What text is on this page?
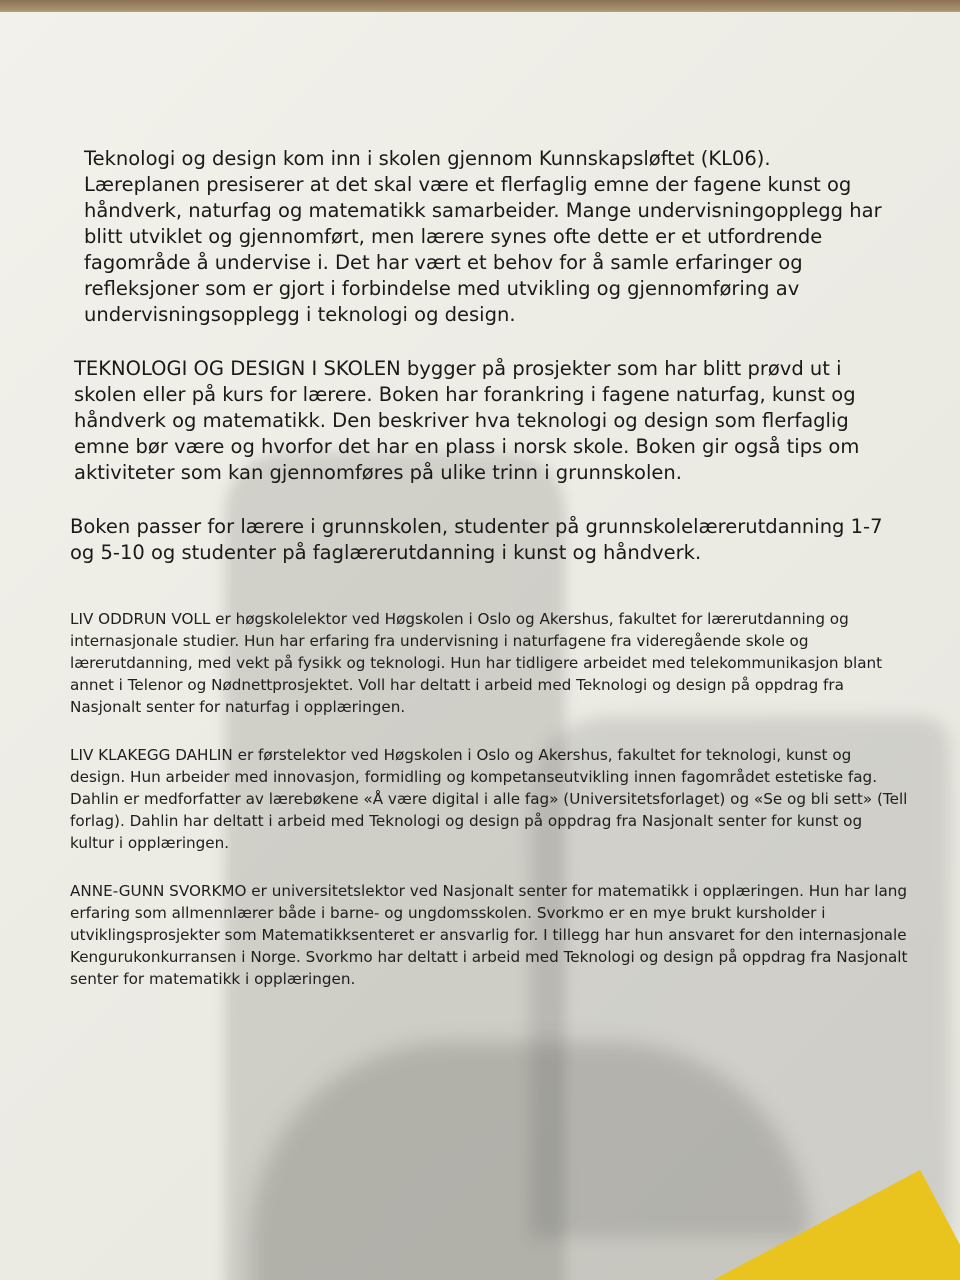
Teknologi og design kom inn i skolen gjennom Kunnskapsløftet (KL06). Læreplanen presiserer at det skal være et flerfaglig emne der fagene kunst og håndverk, naturfag og matematikk samarbeider. Mange undervisningopplegg har blitt utviklet og gjennomført, men lærere synes ofte dette er et utfordrende fagområde å undervise i. Det har vært et behov for å samle erfaringer og refleksjoner som er gjort i forbindelse med utvikling og gjennomføring av undervisningsopplegg i teknologi og design.

TEKNOLOGI OG DESIGN I SKOLEN bygger på prosjekter som har blitt prøvd ut i skolen eller på kurs for lærere. Boken har forankring i fagene naturfag, kunst og håndverk og matematikk. Den beskriver hva teknologi og design som flerfaglig emne bør være og hvorfor det har en plass i norsk skole. Boken gir også tips om aktiviteter som kan gjennomføres på ulike trinn i grunnskolen.

Boken passer for lærere i grunnskolen, studenter på grunnskolelærerutdanning 1-7 og 5-10 og studenter på faglærerutdanning i kunst og håndverk.

LIV ODDRUN VOLL er høgskolelektor ved Høgskolen i Oslo og Akershus, fakultet for lærerutdanning og internasjonale studier. Hun har erfaring fra undervisning i naturfagene fra videregående skole og lærerutdanning, med vekt på fysikk og teknologi. Hun har tidligere arbeidet med telekommunikasjon blant annet i Telenor og Nødnettprosjektet. Voll har deltatt i arbeid med Teknologi og design på oppdrag fra Nasjonalt senter for naturfag i opplæringen.

LIV KLAKEGG DAHLIN er førstelektor ved Høgskolen i Oslo og Akershus, fakultet for teknologi, kunst og design. Hun arbeider med innovasjon, formidling og kompetanseutvikling innen fagområdet estetiske fag. Dahlin er medforfatter av lærebøkene «Å være digital i alle fag» (Universitetsforlaget) og «Se og bli sett» (Tell forlag). Dahlin har deltatt i arbeid med Teknologi og design på oppdrag fra Nasjonalt senter for kunst og kultur i opplæringen.

ANNE-GUNN SVORKMO er universitetslektor ved Nasjonalt senter for matematikk i opplæringen. Hun har lang erfaring som allmennlærer både i barne- og ungdomsskolen. Svorkmo er en mye brukt kursholder i utviklingsprosjekter som Matematikksenteret er ansvarlig for. I tillegg har hun ansvaret for den internasjonale Kengurukonkurransen i Norge. Svorkmo har deltatt i arbeid med Teknologi og design på oppdrag fra Nasjonalt senter for matematikk i opplæringen.
